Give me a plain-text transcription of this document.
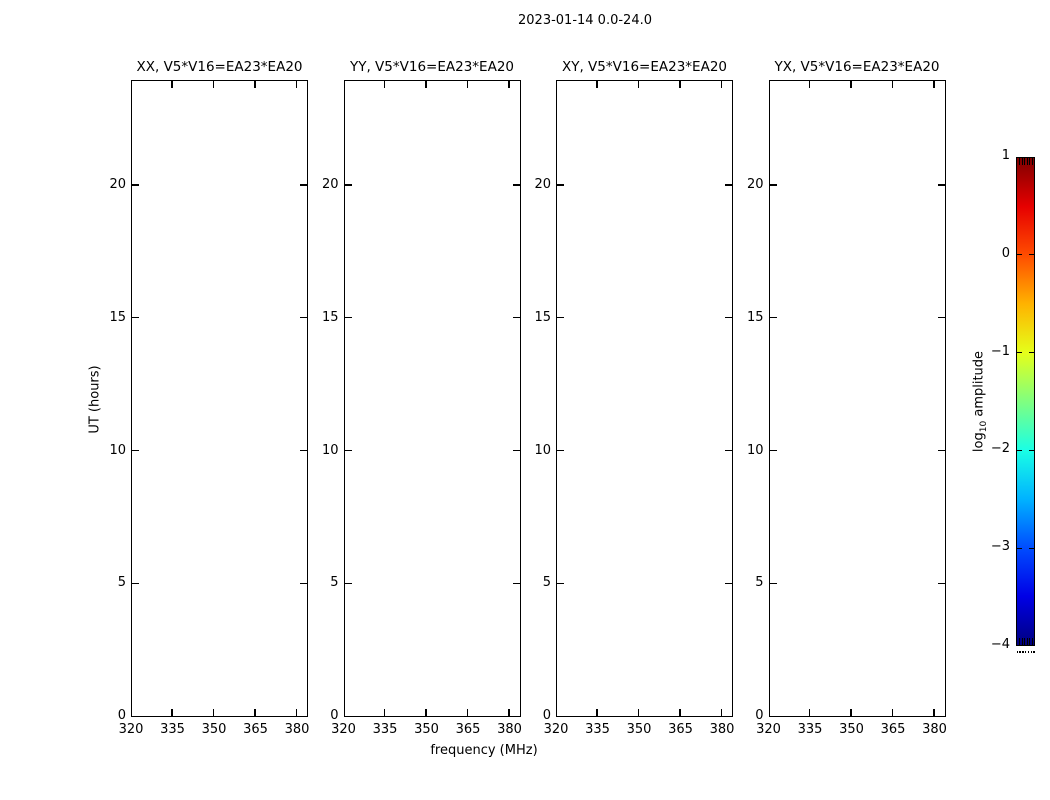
2023-01-14 0.0-24.0
XX, V5*V16=EA23*EA20
320 335 350 365 380
0
5
10
15
20
YY, V5*V16=EA23*EA20
320 335 350 365 380
0
5
10
15
20
XY, V5*V16=EA23*EA20
320 335 350 365 380
0
5
10
15
20
YX, V5*V16=EA23*EA20
320 335 350 365 380
0
5
10
15
20
frequency (MHz)
UT (hours)
$\log_{10}$ amplitude
1
0
−1
−2
−3
−4
